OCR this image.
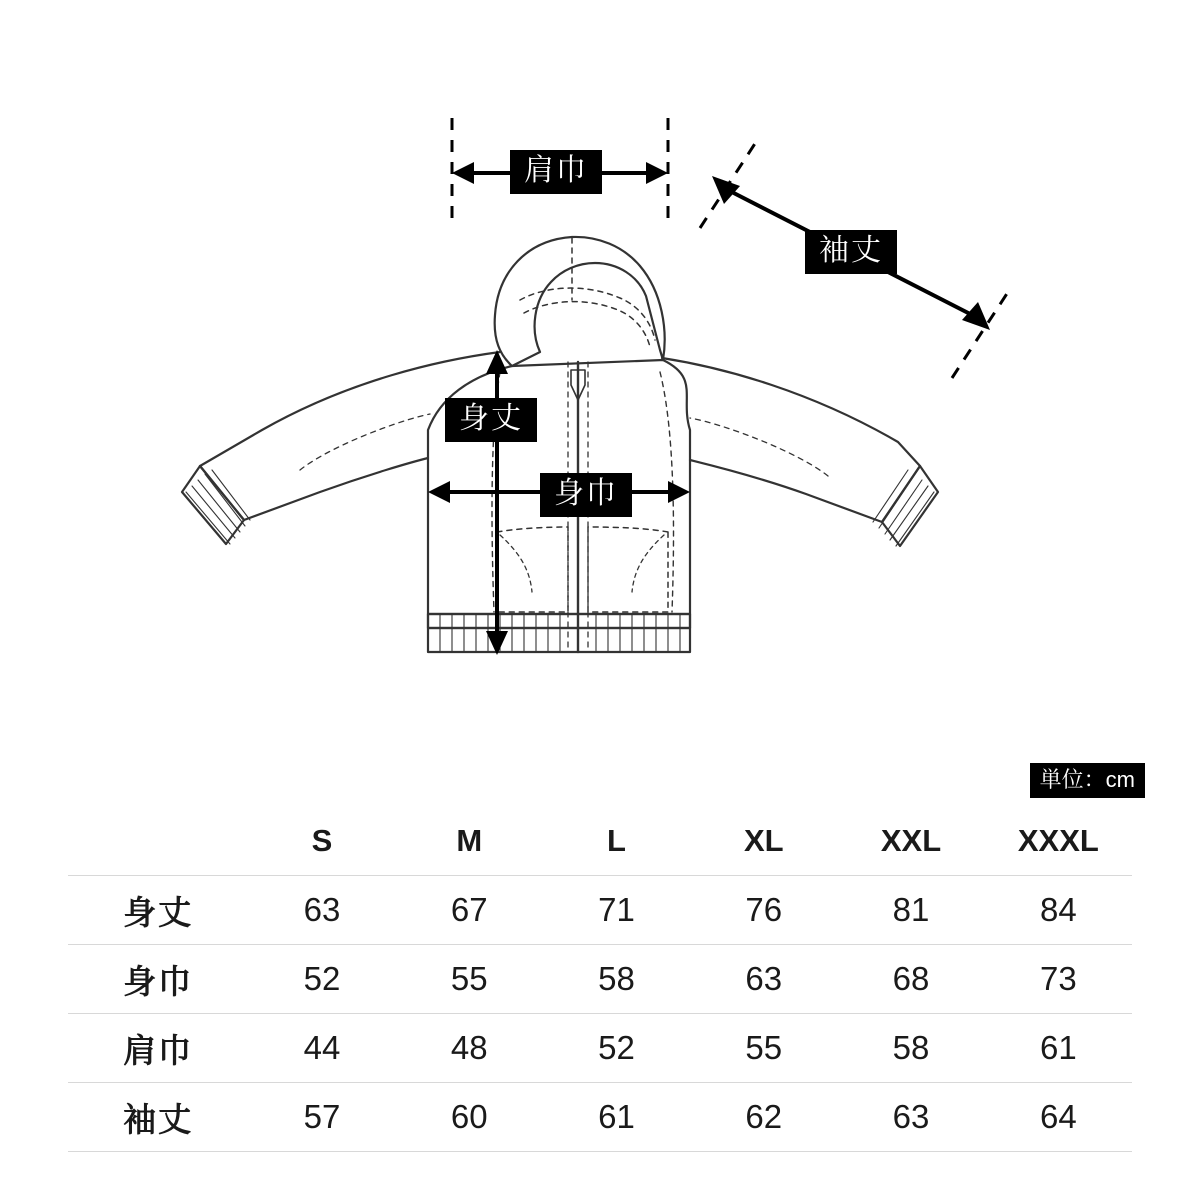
肩巾
袖丈
身丈
身巾
単位：cm
	S	M	L	XL	XXL	XXXL
身丈	63	67	71	76	81	84
身巾	52	55	58	63	68	73
肩巾	44	48	52	55	58	61
袖丈	57	60	61	62	63	64
